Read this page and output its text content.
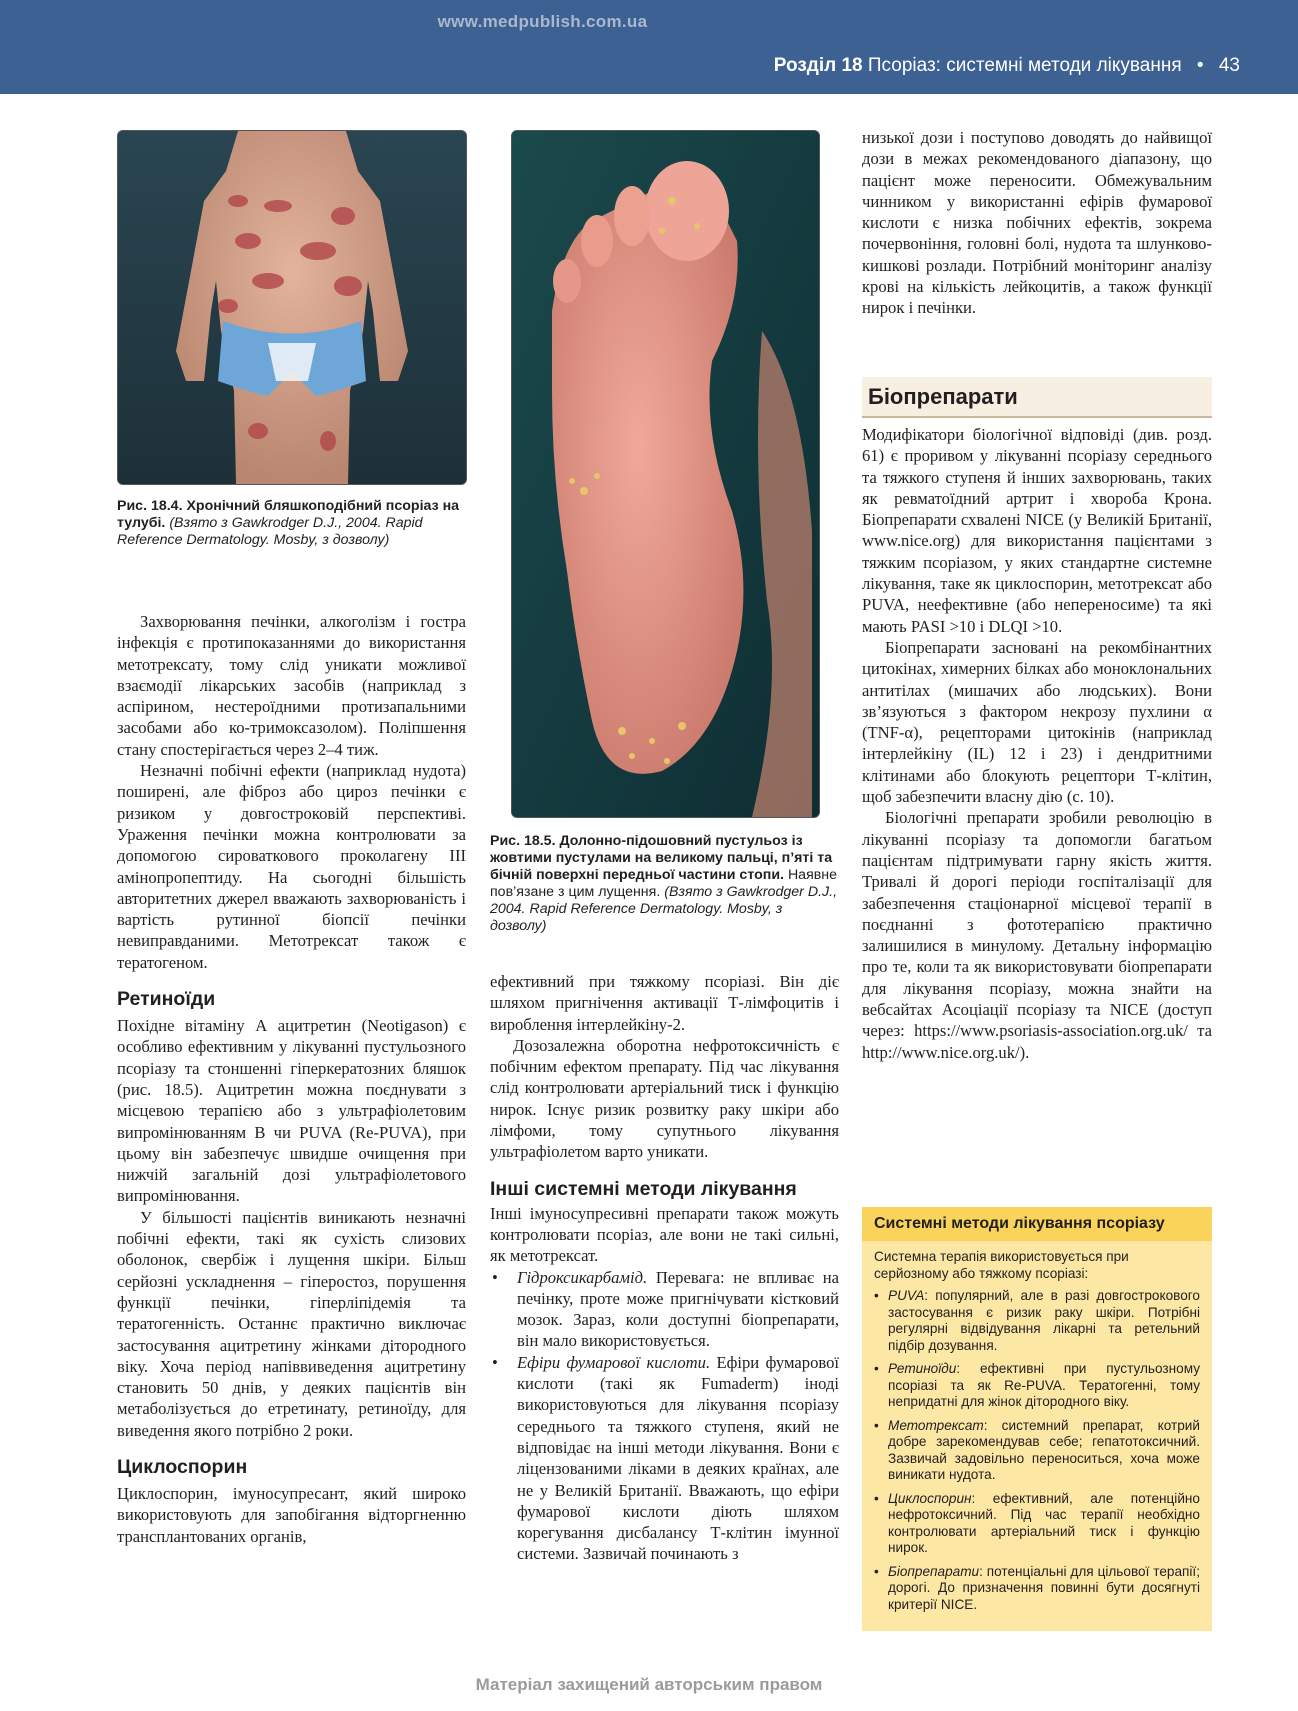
www.medpublish.com.ua
Розділ 18 Псоріаз: системні методи лікування • 43
Рис. 18.4. Хронічний бляшкоподібний псоріаз на тулубі. (Взято з Gawkrodger D.J., 2004. Rapid Reference Dermatology. Mosby, з дозволу)
Рис. 18.5. Долонно-підошовний пустульоз із жовтими пустулами на великому пальці, п’яті та бічній поверхні передньої частини стопи. Наявне пов’язане з цим лущення. (Взято з Gawkrodger D.J., 2004. Rapid Reference Dermatology. Mosby, з дозволу)

Захворювання печінки, алкоголізм і гостра інфекція є протипоказаннями до використання метотрексату, тому слід уникати можливої взаємодії лікарських засобів (наприклад з аспірином, нестероїдними протизапальними засобами або ко-тримоксазолом). Поліпшення стану спостерігається через 2–4 тиж.

Незначні побічні ефекти (наприклад нудота) поширені, але фіброз або цироз печінки є ризиком у довгостроковій перспективі. Ураження печінки можна контролювати за допомогою сироваткового проколагену III амінопропептиду. На сьогодні більшість авторитетних джерел вважають захворюваність і вартість рутинної біопсії печінки невиправданими. Метотрексат також є тератогеном.

Ретиноїди

Похідне вітаміну А ацитретин (Neotigason) є особливо ефективним у лікуванні пустульозного псоріазу та стоншенні гіперкератозних бляшок (рис. 18.5). Ацитретин можна поєднувати з місцевою терапією або з ультрафіолетовим випромінюванням В чи PUVA (Re-PUVA), при цьому він забезпечує швидше очищення при нижчій загальній дозі ультрафіолетового випромінювання.

У більшості пацієнтів виникають незначні побічні ефекти, такі як сухість слизових оболонок, свербіж і лущення шкіри. Більш серйозні ускладнення – гіперостоз, порушення функції печінки, гіперліпідемія та тератогенність. Останнє практично виключає застосування ацитретину жінками дітородного віку. Хоча період напіввиведення ацитретину становить 50 днів, у деяких пацієнтів він метаболізується до етретинату, ретиноїду, для виведення якого потрібно 2 роки.

Циклоспорин

Циклоспорин, імуносупресант, який широко використовують для запобігання відторгненню трансплантованих органів,

ефективний при тяжкому псоріазі. Він діє шляхом пригнічення активації Т-лімфоцитів і вироблення інтерлейкіну-2.

Дозозалежна оборотна нефротоксичність є побічним ефектом препарату. Під час лікування слід контролювати артеріальний тиск і функцію нирок. Існує ризик розвитку раку шкіри або лімфоми, тому супутнього лікування ультрафіолетом варто уникати.

Інші системні методи лікування

Інші імуносупресивні препарати також можуть контролювати псоріаз, але вони не такі сильні, як метотрексат.

• Гідроксикарбамід. Перевага: не впливає на печінку, проте може пригнічувати кістковий мозок. Зараз, коли доступні біопрепарати, він мало використовується.
• Ефіри фумарової кислоти. Ефіри фумарової кислоти (такі як Fumaderm) іноді використовуються для лікування псоріазу середнього та тяжкого ступеня, який не відповідає на інші методи лікування. Вони є ліцензованими ліками в деяких країнах, але не у Великій Британії. Вважають, що ефіри фумарової кислоти діють шляхом корегування дисбалансу Т-клітин імунної системи. Зазвичай починають з

низької дози і поступово доводять до найвищої дози в межах рекомендованого діапазону, що пацієнт може переносити. Обмежувальним чинником у використанні ефірів фумарової кислоти є низка побічних ефектів, зокрема почервоніння, головні болі, нудота та шлунково-кишкові розлади. Потрібний моніторинг аналізу крові на кількість лейкоцитів, а також функції нирок і печінки.

Біопрепарати

Модифікатори біологічної відповіді (див. розд. 61) є проривом у лікуванні псоріазу середнього та тяжкого ступеня й інших захворювань, таких як ревматоїдний артрит і хвороба Крона. Біопрепарати схвалені NICE (у Великій Британії, www.nice.org) для використання пацієнтами з тяжким псоріазом, у яких стандартне системне лікування, таке як циклоспорин, метотрексат або PUVA, неефективне (або непереносимe) та які мають PASI >10 і DLQI >10.

Біопрепарати засновані на рекомбінантних цитокінах, химерних білках або моноклональних антитілах (мишачих або людських). Вони зв’язуються з фактором некрозу пухлини α (TNF-α), рецепторами цитокінів (наприклад інтерлейкіну (IL) 12 і 23) і дендритними клітинами або блокують рецептори Т-клітин, щоб забезпечити власну дію (с. 10).

Біологічні препарати зробили революцію в лікуванні псоріазу та допомогли багатьом пацієнтам підтримувати гарну якість життя. Тривалі й дорогі періоди госпіталізації для забезпечення стаціонарної місцевої терапії в поєднанні з фототерапією практично залишилися в минулому. Детальну інформацію про те, коли та як використовувати біопрепарати для лікування псоріазу, можна знайти на вебсайтах Асоціації псоріазу та NICE (доступ через: https://www.psoriasis-association.org.uk/ та http://www.nice.org.uk/).

Системні методи лікування псоріазу

Системна терапія використовується при серйозному або тяжкому псоріазі:

• PUVA: популярний, але в разі довгострокового застосування є ризик раку шкіри. Потрібні регулярні відвідування лікарні та ретельний підбір дозування.
• Ретиноїди: ефективні при пустульозному псоріазі та як Re-PUVA. Тератогенні, тому непридатні для жінок дітородного віку.
• Метотрексат: системний препарат, котрий добре зарекомендував себе; гепатотоксичний. Зазвичай задовільно переноситься, хоча може виникати нудота.
• Циклоспорин: ефективний, але потенційно нефротоксичний. Під час терапії необхідно контролювати артеріальний тиск і функцію нирок.
• Біопрепарати: потенціальні для цільової терапії; дорогі. До призначення повинні бути досягнуті критерії NICE.
Матеріал захищений авторським правом
